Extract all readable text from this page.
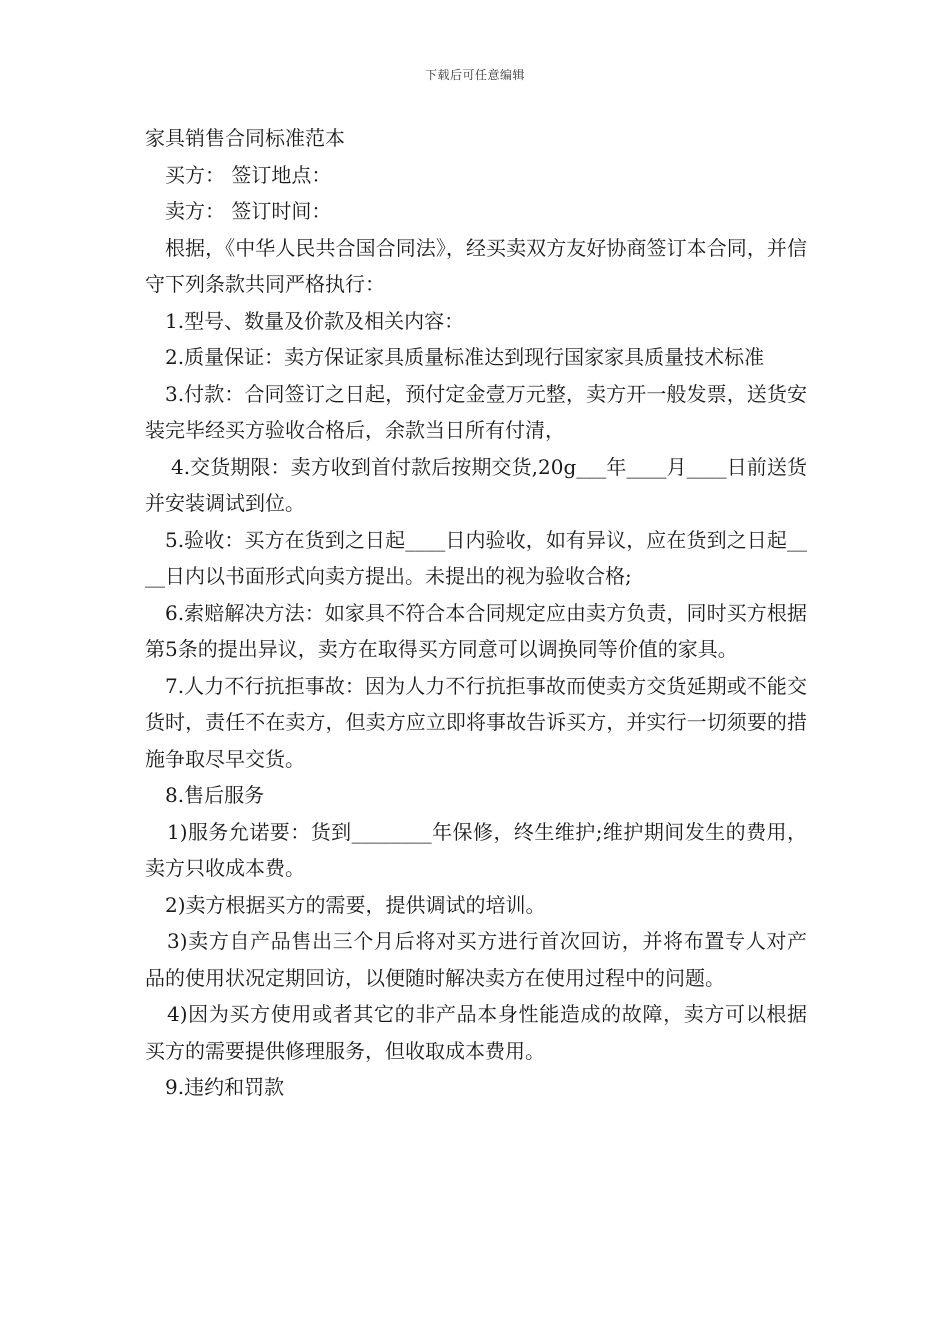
下载后可任意编辑

家具销售合同标准范本

买方： 签订地点：

卖方： 签订时间：

根据，《中华人民共合国合同法》，经买卖双方友好协商签订本合同，并信守下列条款共同严格执行：

1.型号、数量及价款及相关内容：

2.质量保证：卖方保证家具质量标准达到现行国家家具质量技术标准

3.付款：合同签订之日起，预付定金壹万元整，卖方开一般发票，送货安装完毕经买方验收合格后，余款当日所有付清，

4.交货期限：卖方收到首付款后按期交货,20g___年____月____日前送货并安装调试到位。

5.验收：买方在货到之日起____日内验收，如有异议，应在货到之日起____日内以书面形式向卖方提出。未提出的视为验收合格;

6.索赔解决方法：如家具不符合本合同规定应由卖方负责，同时买方根据第5条的提出异议，卖方在取得买方同意可以调换同等价值的家具。

7.人力不行抗拒事故：因为人力不行抗拒事故而使卖方交货延期或不能交货时，责任不在卖方，但卖方应立即将事故告诉买方，并实行一切须要的措施争取尽早交货。

8.售后服务

1)服务允诺要：货到________年保修，终生维护;维护期间发生的费用，卖方只收成本费。

2)卖方根据买方的需要，提供调试的培训。

3)卖方自产品售出三个月后将对买方进行首次回访，并将布置专人对产品的使用状况定期回访，以便随时解决卖方在使用过程中的问题。

4)因为买方使用或者其它的非产品本身性能造成的故障，卖方可以根据买方的需要提供修理服务，但收取成本费用。

9.违约和罚款
